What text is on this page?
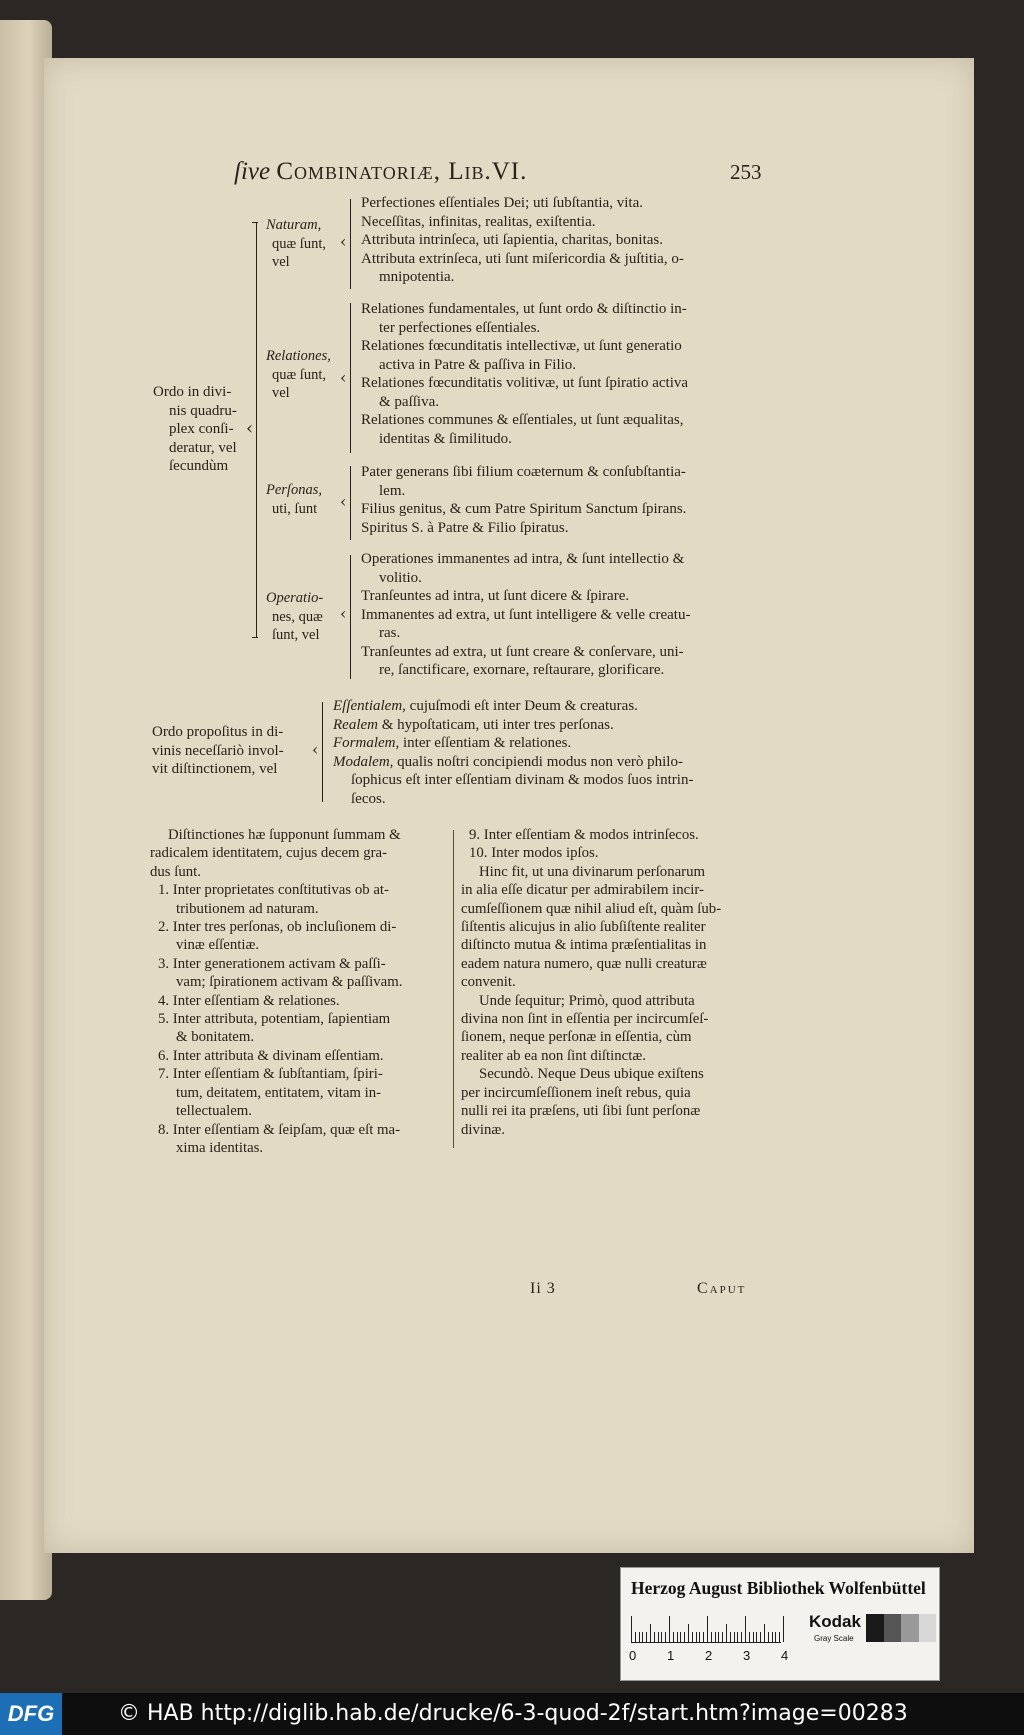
ſive Combinatoriæ, Lib.VI.	253
Ordo in divi-
nis quadru-
plex conſi-
deratur, vel
ſecundùm
‹
Naturam,
quæ ſunt,
vel
‹
Perfectiones eſſentiales Dei; uti ſubſtantia, vita.
Neceſſitas, infinitas, realitas, exiſtentia.
Attributa intrinſeca, uti ſapientia, charitas, bonitas.
Attributa extrinſeca, uti ſunt miſericordia & juſtitia, o-
mnipotentia.
Relationes,
quæ ſunt,
vel
‹
Relationes fundamentales, ut ſunt ordo & diſtinctio in-
ter perfectiones eſſentiales.
Relationes fœcunditatis intellectivæ, ut ſunt generatio
activa in Patre & paſſiva in Filio.
Relationes fœcunditatis volitivæ, ut ſunt ſpiratio activa
& paſſiva.
Relationes communes & eſſentiales, ut ſunt æqualitas,
identitas & ſimilitudo.
Perſonas,
uti, ſunt	‹
Pater generans ſibi filium coæternum & conſubſtantia-
lem.
Filius genitus, & cum Patre Spiritum Sanctum ſpirans.
Spiritus S. à Patre & Filio ſpiratus.
Operatio-
nes, quæ
ſunt, vel
‹
Operationes immanentes ad intra, & ſunt intellectio &
volitio.
Tranſeuntes ad intra, ut ſunt dicere & ſpirare.
Immanentes ad extra, ut ſunt intelligere & velle creatu-
ras.
Tranſeuntes ad extra, ut ſunt creare & conſervare, uni-
re, ſanctificare, exornare, reſtaurare, glorificare.
Ordo propoſitus in di-
vinis neceſſariò invol-
vit diſtinctionem, vel
‹
Eſſentialem, cujuſmodi eſt inter Deum & creaturas.
Realem & hypoſtaticam, uti inter tres perſonas.
Formalem, inter eſſentiam & relationes.
Modalem, qualis noſtri concipiendi modus non verò philo-
ſophicus eſt inter eſſentiam divinam & modos ſuos intrin-
ſecos.
Diſtinctiones hæ ſupponunt ſummam &
radicalem identitatem, cujus decem gra-
dus ſunt.
1. Inter proprietates conſtitutivas ob at-
tributionem ad naturam.
2. Inter tres perſonas, ob incluſionem di-
vinæ eſſentiæ.
3. Inter generationem activam & paſſi-
vam; ſpirationem activam & paſſivam.
4. Inter eſſentiam & relationes.
5. Inter attributa, potentiam, ſapientiam
& bonitatem.
6. Inter attributa & divinam eſſentiam.
7. Inter eſſentiam & ſubſtantiam, ſpiri-
tum, deitatem, entitatem, vitam in-
tellectualem.
8. Inter eſſentiam & ſeipſam, quæ eſt ma-
xima identitas.
9. Inter eſſentiam & modos intrinſecos.
10. Inter modos ipſos.
Hinc fit, ut una divinarum perſonarum
in alia eſſe dicatur per admirabilem incir-
cumſeſſionem quæ nihil aliud eſt, quàm ſub-
ſiſtentis alicujus in alio ſubſiſtente realiter
diſtincto mutua & intima præſentialitas in
eadem natura numero, quæ nulli creaturæ
convenit.
Unde ſequitur; Primò, quod attributa
divina non ſint in eſſentia per incircumſeſ-
ſionem, neque perſonæ in eſſentia, cùm
realiter ab ea non ſint diſtinctæ.
Secundò. Neque Deus ubique exiſtens
per incircumſeſſionem ineſt rebus, quia
nulli rei ita præſens, uti ſibi ſunt perſonæ
divinæ.
Ii 3	Caput
Herzog August Bibliothek Wolfenbüttel
0 1 2 3 4
Kodak
Gray Scale
DFG	© HAB http://diglib.hab.de/drucke/6-3-quod-2f/start.htm?image=00283
